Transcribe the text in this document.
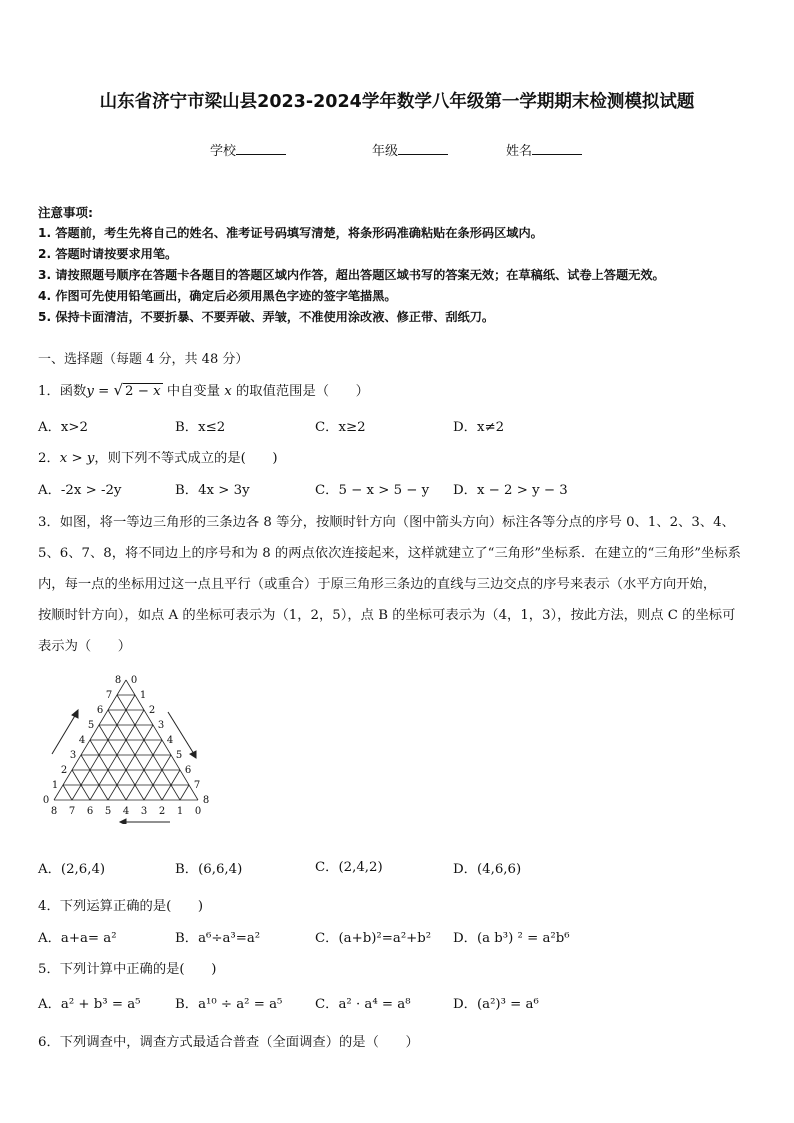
山东省济宁市梁山县2023-2024学年数学八年级第一学期期末检测模拟试题
学校	年级	姓名
注意事项:
1. 答题前，考生先将自己的姓名、准考证号码填写清楚，将条形码准确粘贴在条形码区域内。
2. 答题时请按要求用笔。
3. 请按照题号顺序在答题卡各题目的答题区域内作答，超出答题区域书写的答案无效；在草稿纸、试卷上答题无效。
4. 作图可先使用铅笔画出，确定后必须用黑色字迹的签字笔描黑。
5. 保持卡面清洁，不要折暴、不要弄破、弄皱，不准使用涂改液、修正带、刮纸刀。
一、选择题（每题 4 分，共 48 分）
1．函数y = √ 2 − x 中自变量 x 的取值范围是（　　）
A．x>2	B．x≤2	C．x≥2	D．x≠2
2．x > y，则下列不等式成立的是(　　)
A．-2x > -2y	B．4x > 3y	C．5 − x > 5 − y D．x − 2 > y − 3
3．如图，将一等边三角形的三条边各 8 等分，按顺时针方向（图中箭头方向）标注各等分点的序号 0、1、2、3、4、
5、6、7、8，将不同边上的序号和为 8 的两点依次连接起来，这样就建立了“三角形”坐标系．在建立的“三角形”坐标系
内，每一点的坐标用过这一点且平行（或重合）于原三角形三条边的直线与三边交点的序号来表示（水平方向开始，
按顺时针方向），如点 A 的坐标可表示为（1，2，5），点 B 的坐标可表示为（4，1，3），按此方法，则点 C 的坐标可
表示为（　　）
0
0
8
1
1
7
2
2
6
3
3
5
4	4
4
5
5
3
6
6
2
7
7
1
8
8
0
A．(2,6,4)	B．(6,6,4)	C．(2,4,2)	D．(4,6,6)
4．下列运算正确的是(　　)
A．a+a= a²	B．a⁶÷a³=a²	C．(a+b)²=a²+b² D．(a b³) ² = a²b⁶
5．下列计算中正确的是(　　)
A．a² + b³ = a⁵	B．a¹⁰ ÷ a² = a⁵ C．a² · a⁴ = a⁸	D．(a²)³ = a⁶
6．下列调查中，调查方式最适合普查（全面调查）的是（　　）
